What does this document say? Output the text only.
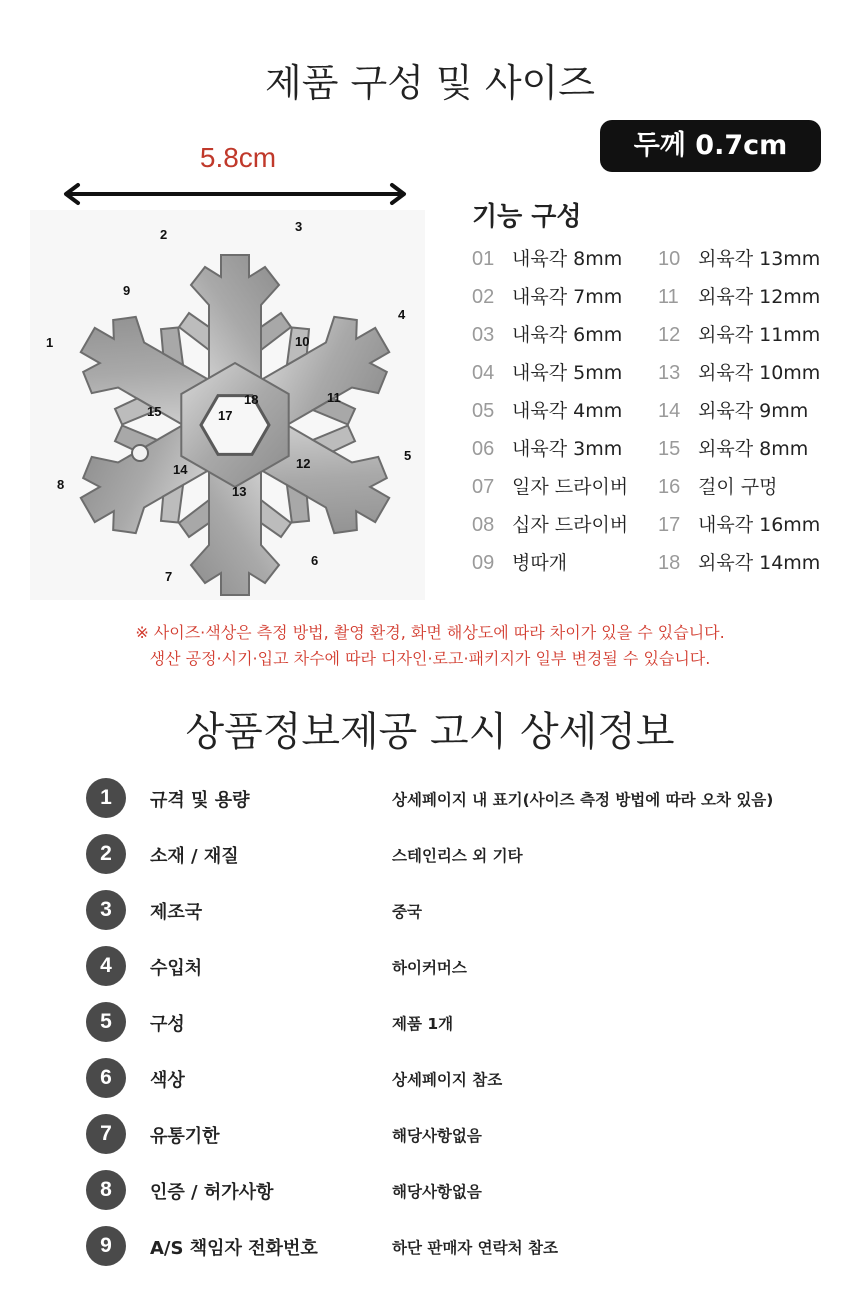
제품 구성 및 사이즈
5.8cm
1
2
3
4
5
6
7
8
9
10
11
12
13
14
15	17
18
두께 0.7cm
기능 구성
01 내육각 8mm
02 내육각 7mm
03 내육각 6mm
04 내육각 5mm
05 내육각 4mm
06 내육각 3mm
07 일자 드라이버
08 십자 드라이버
09 병따개
10 외육각 13mm
11 외육각 12mm
12 외육각 11mm
13 외육각 10mm
14 외육각 9mm
15 외육각 8mm
16 걸이 구멍
17 내육각 16mm
18 외육각 14mm
※ 사이즈·색상은 측정 방법, 촬영 환경, 화면 해상도에 따라 차이가 있을 수 있습니다.
생산 공정·시기·입고 차수에 따라 디자인·로고·패키지가 일부 변경될 수 있습니다.
상품정보제공 고시 상세정보
1	규격 및 용량	상세페이지 내 표기(사이즈 측정 방법에 따라 오차 있음)
2	소재 / 재질	스테인리스 외 기타
3	제조국	중국
4	수입처	하이커머스
5	구성	제품 1개
6	색상	상세페이지 참조
7	유통기한	해당사항없음
8	인증 / 허가사항	해당사항없음
9	A/S 책임자 전화번호	하단 판매자 연락처 참조
